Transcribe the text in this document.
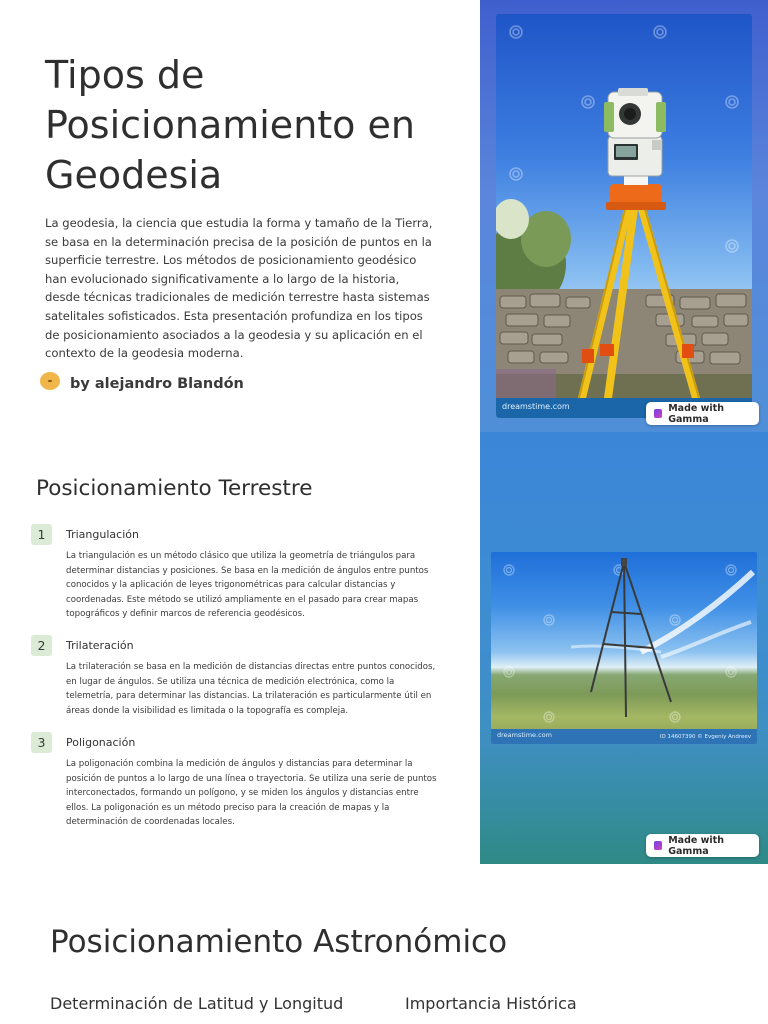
Tipos de Posicionamiento en Geodesia

La geodesia, la ciencia que estudia la forma y tamaño de la Tierra, se basa en la determinación precisa de la posición de puntos en la superficie terrestre. Los métodos de posicionamiento geodésico han evolucionado significativamente a lo largo de la historia, desde técnicas tradicionales de medición terrestre hasta sistemas satelitales sofisticados. Esta presentación profundiza en los tipos de posicionamiento asociados a la geodesia y su aplicación en el contexto de la geodesia moderna.

by alejandro Blandón
dreamstime.com	Made with Gamma
Posicionamiento Terrestre
1	Triangulación
La triangulación es un método clásico que utiliza la geometría de triángulos para determinar distancias y posiciones. Se basa en la medición de ángulos entre puntos conocidos y la aplicación de leyes trigonométricas para calcular distancias y coordenadas. Este método se utilizó ampliamente en el pasado para crear mapas topográficos y definir marcos de referencia geodésicos.
2	Trilateración
La trilateración se basa en la medición de distancias directas entre puntos conocidos, en lugar de ángulos. Se utiliza una técnica de medición electrónica, como la telemetría, para determinar las distancias. La trilateración es particularmente útil en áreas donde la visibilidad es limitada o la topografía es compleja.
3	Poligonación
La poligonación combina la medición de ángulos y distancias para determinar la posición de puntos a lo largo de una línea o trayectoria. Se utiliza una serie de puntos interconectados, formando un polígono, y se miden los ángulos y distancias entre ellos. La poligonación es un método preciso para la creación de mapas y la determinación de coordenadas locales.
dreamstime.com	ID 14607390 © Evgeniy Andreev
Made with Gamma
Posicionamiento Astronómico
Determinación de Latitud y Longitud	Importancia Histórica
